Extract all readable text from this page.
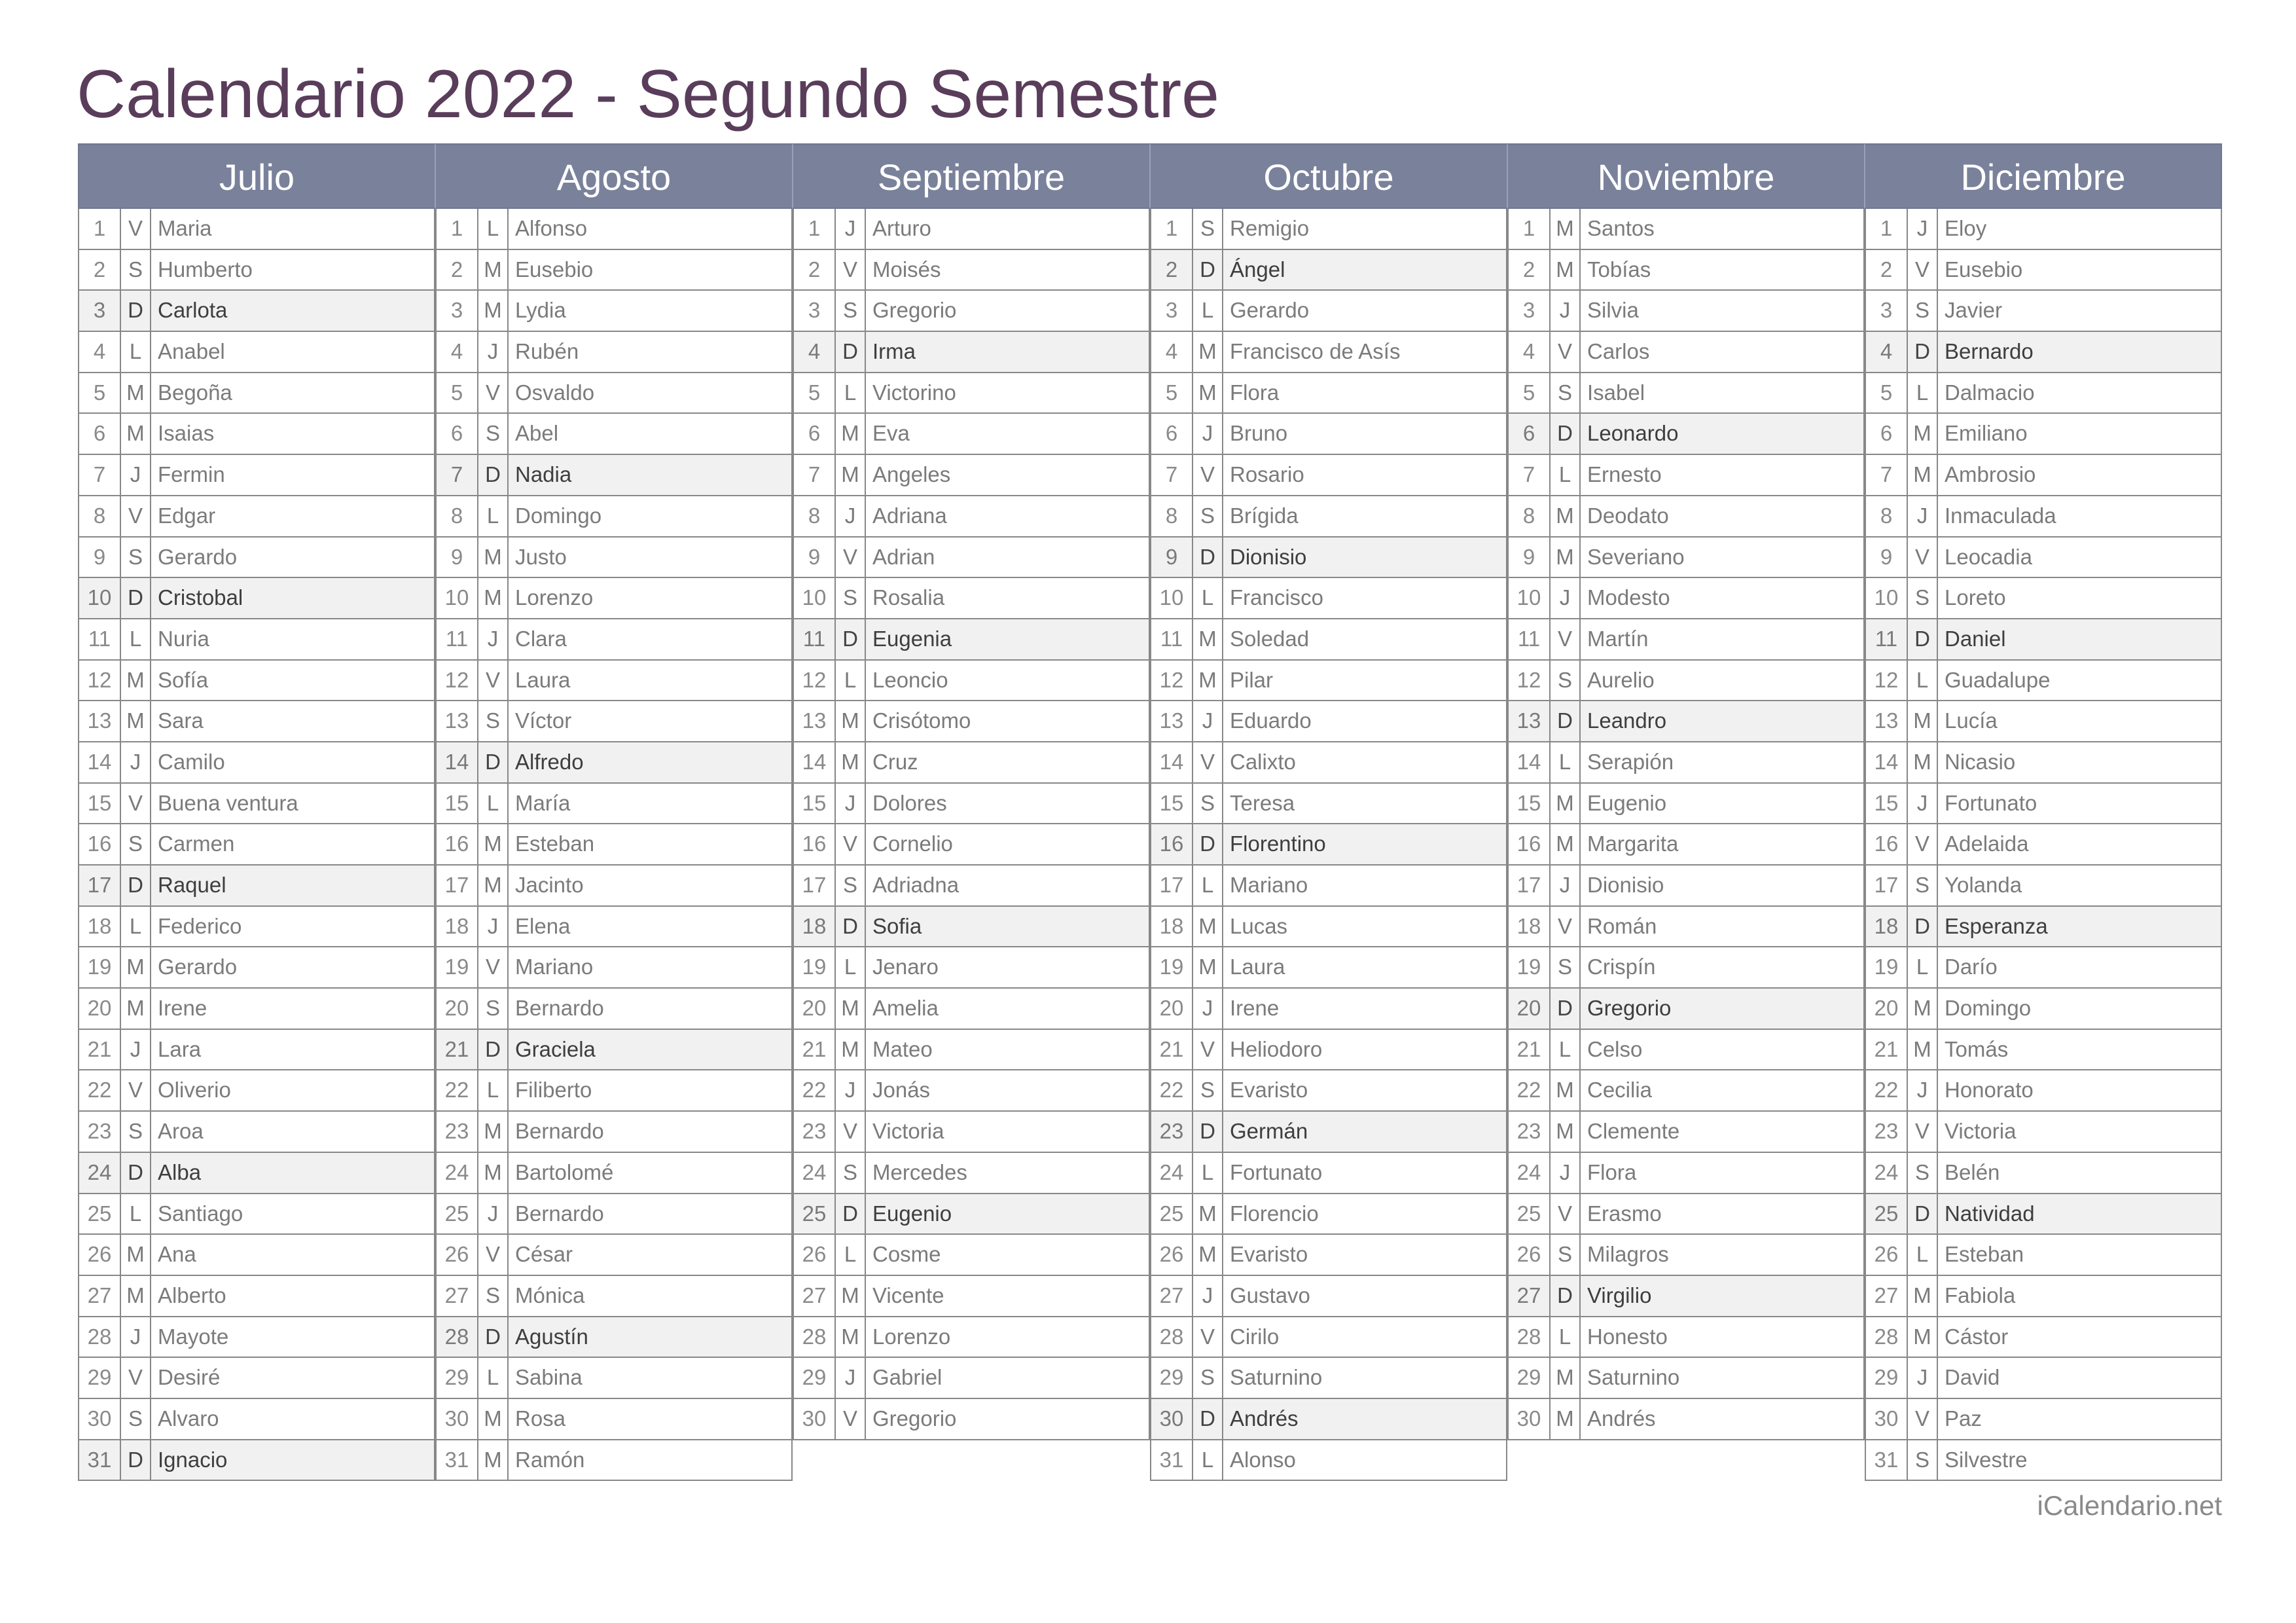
Calendario 2022 - Segundo Semestre
Julio
1	V Maria
2	S Humberto
3	D Carlota
4	L Anabel
5 M Begoña
6 M Isaias
7	J Fermin
8	V Edgar
9	S Gerardo
10 D Cristobal
11 L Nuria
12 M Sofía
13 M Sara
14 J Camilo
15 V Buena ventura
16 S Carmen
17 D Raquel
18 L Federico
19 M Gerardo
20 M Irene
21 J Lara
22 V Oliverio
23 S Aroa
24 D Alba
25 L Santiago
26 M Ana
27 M Alberto
28 J Mayote
29 V Desiré
30 S Alvaro
31 D Ignacio
Agosto
1	L Alfonso
2 M Eusebio
3 M Lydia
4	J Rubén
5	V Osvaldo
6	S Abel
7	D Nadia
8	L Domingo
9 M Justo
10 M Lorenzo
11 J Clara
12 V Laura
13 S Víctor
14 D Alfredo
15 L María
16 M Esteban
17 M Jacinto
18 J Elena
19 V Mariano
20 S Bernardo
21 D Graciela
22 L Filiberto
23 M Bernardo
24 M Bartolomé
25 J Bernardo
26 V César
27 S Mónica
28 D Agustín
29 L Sabina
30 M Rosa
31 M Ramón
Septiembre
1	J Arturo
2	V Moisés
3	S Gregorio
4	D Irma
5	L Victorino
6 M Eva
7 M Angeles
8	J Adriana
9	V Adrian
10 S Rosalia
11 D Eugenia
12 L Leoncio
13 M Crisótomo
14 M Cruz
15 J Dolores
16 V Cornelio
17 S Adriadna
18 D Sofia
19 L Jenaro
20 M Amelia
21 M Mateo
22 J Jonás
23 V Victoria
24 S Mercedes
25 D Eugenio
26 L Cosme
27 M Vicente
28 M Lorenzo
29 J Gabriel
30 V Gregorio
Octubre
1	S Remigio
2	D Ángel
3	L Gerardo
4 M Francisco de Asís
5 M Flora
6	J Bruno
7	V Rosario
8	S Brígida
9	D Dionisio
10 L Francisco
11 M Soledad
12 M Pilar
13 J Eduardo
14 V Calixto
15 S Teresa
16 D Florentino
17 L Mariano
18 M Lucas
19 M Laura
20 J Irene
21 V Heliodoro
22 S Evaristo
23 D Germán
24 L Fortunato
25 M Florencio
26 M Evaristo
27 J Gustavo
28 V Cirilo
29 S Saturnino
30 D Andrés
31 L Alonso
Noviembre
1 M Santos
2 M Tobías
3	J Silvia
4	V Carlos
5	S Isabel
6	D Leonardo
7	L Ernesto
8 M Deodato
9 M Severiano
10 J Modesto
11 V Martín
12 S Aurelio
13 D Leandro
14 L Serapión
15 M Eugenio
16 M Margarita
17 J Dionisio
18 V Román
19 S Crispín
20 D Gregorio
21 L Celso
22 M Cecilia
23 M Clemente
24 J Flora
25 V Erasmo
26 S Milagros
27 D Virgilio
28 L Honesto
29 M Saturnino
30 M Andrés
Diciembre
1	J Eloy
2	V Eusebio
3	S Javier
4	D Bernardo
5	L Dalmacio
6 M Emiliano
7 M Ambrosio
8	J Inmaculada
9	V Leocadia
10 S Loreto
11 D Daniel
12 L Guadalupe
13 M Lucía
14 M Nicasio
15 J Fortunato
16 V Adelaida
17 S Yolanda
18 D Esperanza
19 L Darío
20 M Domingo
21 M Tomás
22 J Honorato
23 V Victoria
24 S Belén
25 D Natividad
26 L Esteban
27 M Fabiola
28 M Cástor
29 J David
30 V Paz
31 S Silvestre
iCalendario.net
